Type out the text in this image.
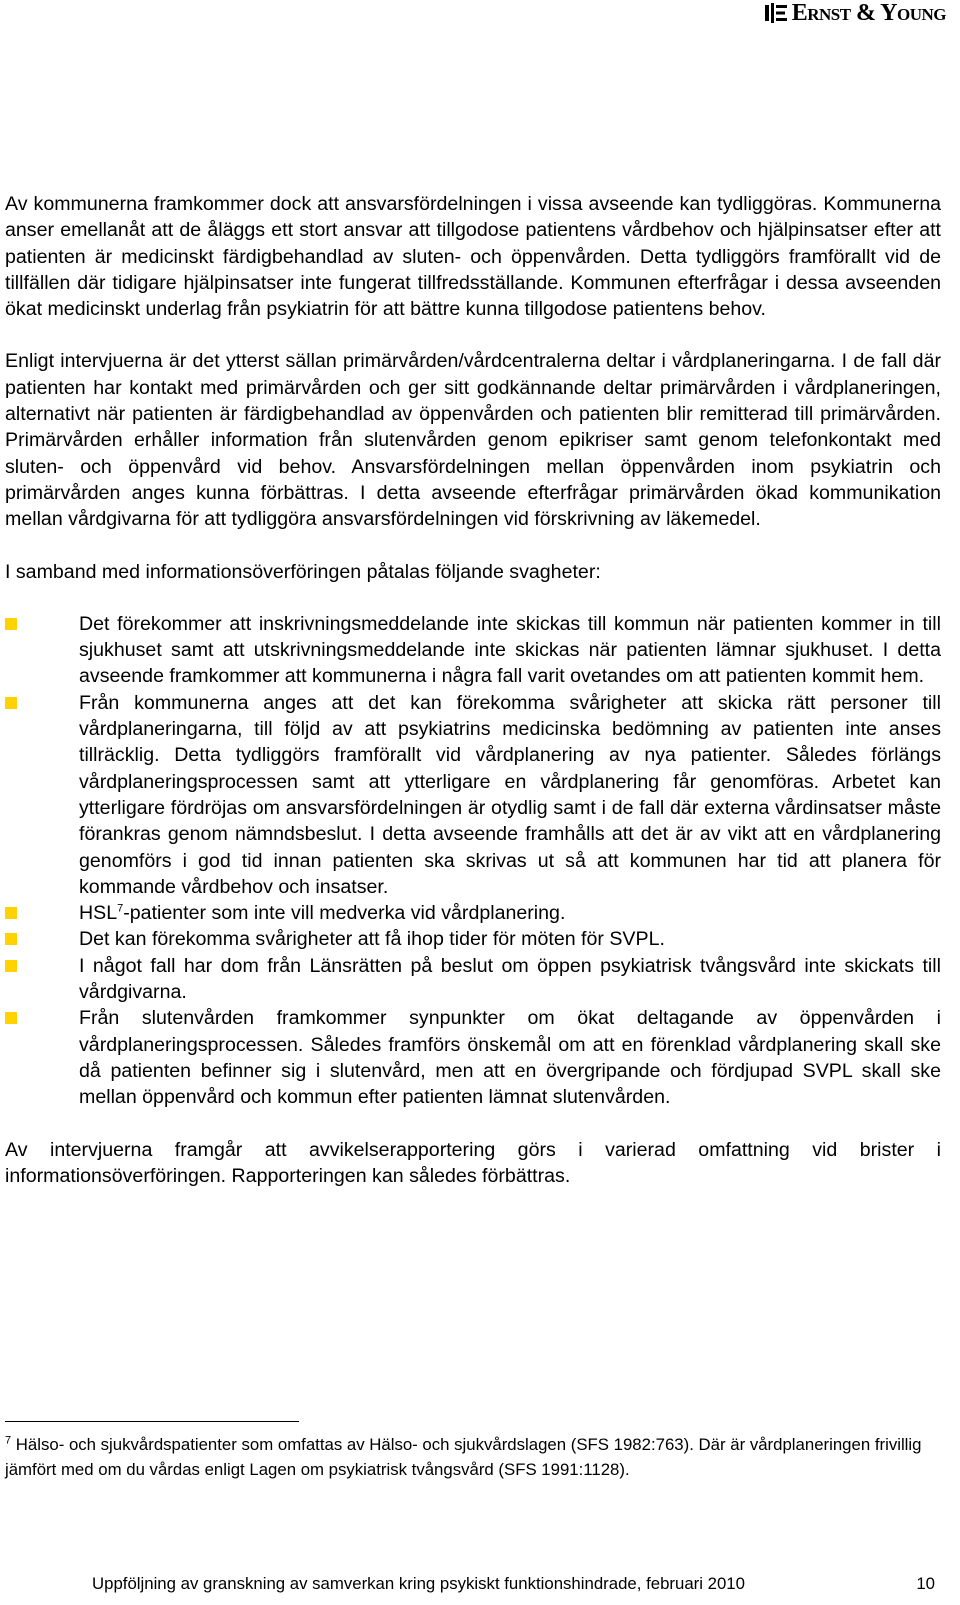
Ernst & Young

Av kommunerna framkommer dock att ansvarsfördelningen i vissa avseende kan tydliggöras. Kommunerna anser emellanåt att de åläggs ett stort ansvar att tillgodose patientens vårdbehov och hjälpinsatser efter att patienten är medicinskt färdigbehandlad av sluten- och öppenvården. Detta tydliggörs framförallt vid de tillfällen där tidigare hjälpinsatser inte fungerat tillfredsställande. Kommunen efterfrågar i dessa avseenden ökat medicinskt underlag från psykiatrin för att bättre kunna tillgodose patientens behov.

Enligt intervjuerna är det ytterst sällan primärvården/vårdcentralerna deltar i vårdplaneringarna. I de fall där patienten har kontakt med primärvården och ger sitt godkännande deltar primärvården i vårdplaneringen, alternativt när patienten är färdigbehandlad av öppenvården och patienten blir remitterad till primärvården. Primärvården erhåller information från slutenvården genom epikriser samt genom telefonkontakt med sluten- och öppenvård vid behov. Ansvarsfördelningen mellan öppenvården inom psykiatrin och primärvården anges kunna förbättras. I detta avseende efterfrågar primärvården ökad kommunikation mellan vårdgivarna för att tydliggöra ansvarsfördelningen vid förskrivning av läkemedel.

I samband med informationsöverföringen påtalas följande svagheter:

Det förekommer att inskrivningsmeddelande inte skickas till kommun när patienten kommer in till sjukhuset samt att utskrivningsmeddelande inte skickas när patienten lämnar sjukhuset. I detta avseende framkommer att kommunerna i några fall varit ovetandes om att patienten kommit hem.
Från kommunerna anges att det kan förekomma svårigheter att skicka rätt personer till vårdplaneringarna, till följd av att psykiatrins medicinska bedömning av patienten inte anses tillräcklig. Detta tydliggörs framförallt vid vårdplanering av nya patienter. Således förlängs vårdplaneringsprocessen samt att ytterligare en vårdplanering får genomföras. Arbetet kan ytterligare fördröjas om ansvarsfördelningen är otydlig samt i de fall där externa vårdinsatser måste förankras genom nämndsbeslut. I detta avseende framhålls att det är av vikt att en vårdplanering genomförs i god tid innan patienten ska skrivas ut så att kommunen har tid att planera för kommande vårdbehov och insatser.
HSL$^7$-patienter som inte vill medverka vid vårdplanering.
Det kan förekomma svårigheter att få ihop tider för möten för SVPL.
I något fall har dom från Länsrätten på beslut om öppen psykiatrisk tvångsvård inte skickats till vårdgivarna.
Från slutenvården framkommer synpunkter om ökat deltagande av öppenvården i vårdplaneringsprocessen. Således framförs önskemål om att en förenklad vårdplanering skall ske då patienten befinner sig i slutenvård, men att en övergripande och fördjupad SVPL skall ske mellan öppenvård och kommun efter patienten lämnat slutenvården.

Av intervjuerna framgår att avvikelserapportering görs i varierad omfattning vid brister i informationsöverföringen. Rapporteringen kan således förbättras.

$^7$ Hälso- och sjukvårdspatienter som omfattas av Hälso- och sjukvårdslagen (SFS 1982:763). Där är vårdplaneringen frivillig jämfört med om du vårdas enligt Lagen om psykiatrisk tvångsvård (SFS 1991:1128).
Uppföljning av granskning av samverkan kring psykiskt funktionshindrade, februari 2010	10
